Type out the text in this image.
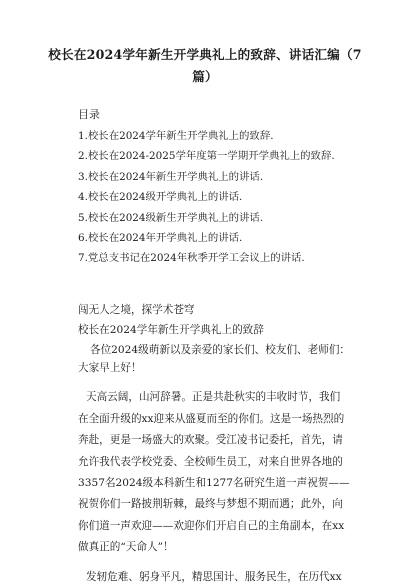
校长在2024学年新生开学典礼上的致辞、讲话汇编（7
篇）
目录
1.校长在2024学年新生开学典礼上的致辞.
2.校长在2024-2025学年度第一学期开学典礼上的致辞.
3.校长在2024年新生开学典礼上的讲话.
4.校长在2024级开学典礼上的讲话.
5.校长在2024级新生开学典礼上的讲话.
6.校长在2024年开学典礼上的讲话.
7.党总支书记在2024年秋季开学工会议上的讲话.
闯无人之境，探学术苍穹
校长在2024学年新生开学典礼上的致辞
各位2024级萌新以及亲爱的家长们、校友们、老师们：
大家早上好！
天高云阔，山河辞暑。正是共赴秋实的丰收时节，我们
在全面升级的xx迎来从盛夏而至的你们。这是一场热烈的
奔赴，更是一场盛大的欢聚。受江凌书记委托，首先，请
允许我代表学校党委、全校师生员工，对来自世界各地的
3357名2024级本科新生和1277名研究生道一声祝贺——
祝贺你们一路披荆斩棘，最终与梦想不期而遇；此外，向
你们道一声欢迎——欢迎你们开启自己的主角副本，在xx
做真正的“天命人”！
发轫危难、躬身平凡，精思国计、服务民生，在历代xx
